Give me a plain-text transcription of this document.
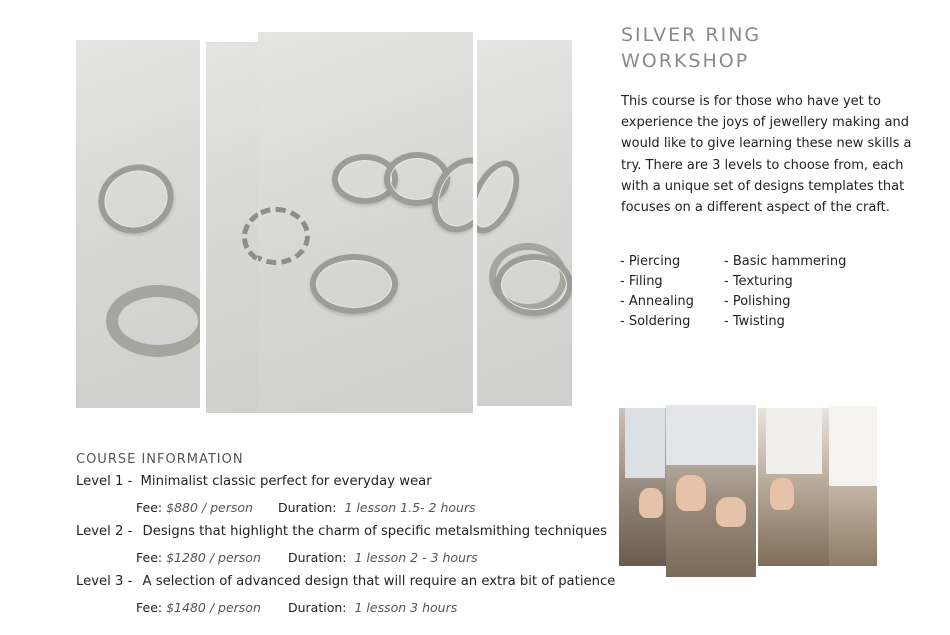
SILVER RING
WORKSHOP

This course is for those who have yet to experience the joys of jewellery making and would like to give learning these new skills a try. There are 3 levels to choose from, each with a unique set of designs templates that focuses on a different aspect of the craft.

- Piercing
- Filing
- Annealing
- Soldering
- Basic hammering
- Texturing
- Polishing
- Twisting
COURSE INFORMATION
Level 1 - Minimalist classic perfect for everyday wear
Fee: $880 / person Duration: 1 lesson 1.5- 2 hours
Level 2 - Designs that highlight the charm of specific metalsmithing techniques
Fee: $1280 / person Duration: 1 lesson 2 - 3 hours
Level 3 - A selection of advanced design that will require an extra bit of patience
Fee: $1480 / person Duration: 1 lesson 3 hours
